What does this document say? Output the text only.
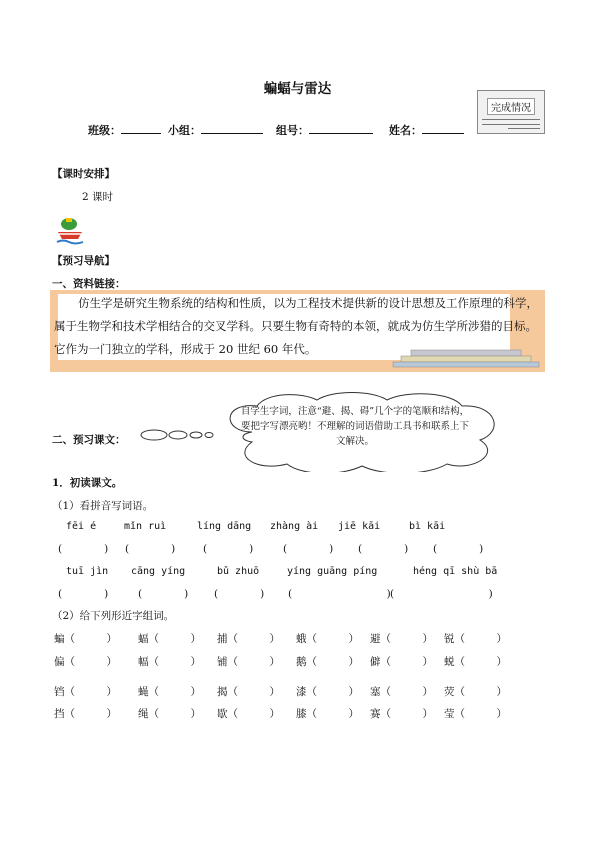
蝙蝠与雷达
完成情况
班级：	小组：	组号：	姓名：
【课时安排】
2 课时
【预习导航】
一、资料链接：

仿生学是研究生物系统的结构和性质，以为工程技术提供新的设计思想及工作原理的科学，属于生物学和技术学相结合的交叉学科。只要生物有奇特的本领，就成为仿生学所涉猎的目标。它作为一门独立的学科，形成于 20 世纪 60 年代。

自学生字词，注意“避、揭、碍”几个字的笔顺和结构，要把字写漂亮哟！不理解的词语借助工具书和联系上下文解决。
二、预习课文：
1．初读课文。
（1）看拼音写词语。
fēi é	mǐn ruì	líng dāng zhàng ài jiē kāi	bì kāi
(　　　　) (　　　　)	(　　　　)	(　　　　) (　　　　) (　　　　)
tuī jìn cāng yíng	bǔ zhuō	yíng guāng píng	héng qī shù bā
(　　　　)	(　　　　) (　　　　) (　　　　　　　　　) (　　　　　　　　　)
（2）给下列形近字组词。
蝙（　　　） 蝠（　　　） 捕（　　　） 蛾（　　　） 避（　　　） 锐（　　　）
偏（　　　） 幅（　　　） 铺（　　　） 鹅（　　　） 僻（　　　） 蜕（　　　）
铛（　　　） 蝇（　　　） 揭（　　　） 漆（　　　） 塞（　　　） 荧（　　　）
挡（　　　） 绳（　　　） 歇（　　　） 膝（　　　） 赛（　　　） 莹（　　　）
